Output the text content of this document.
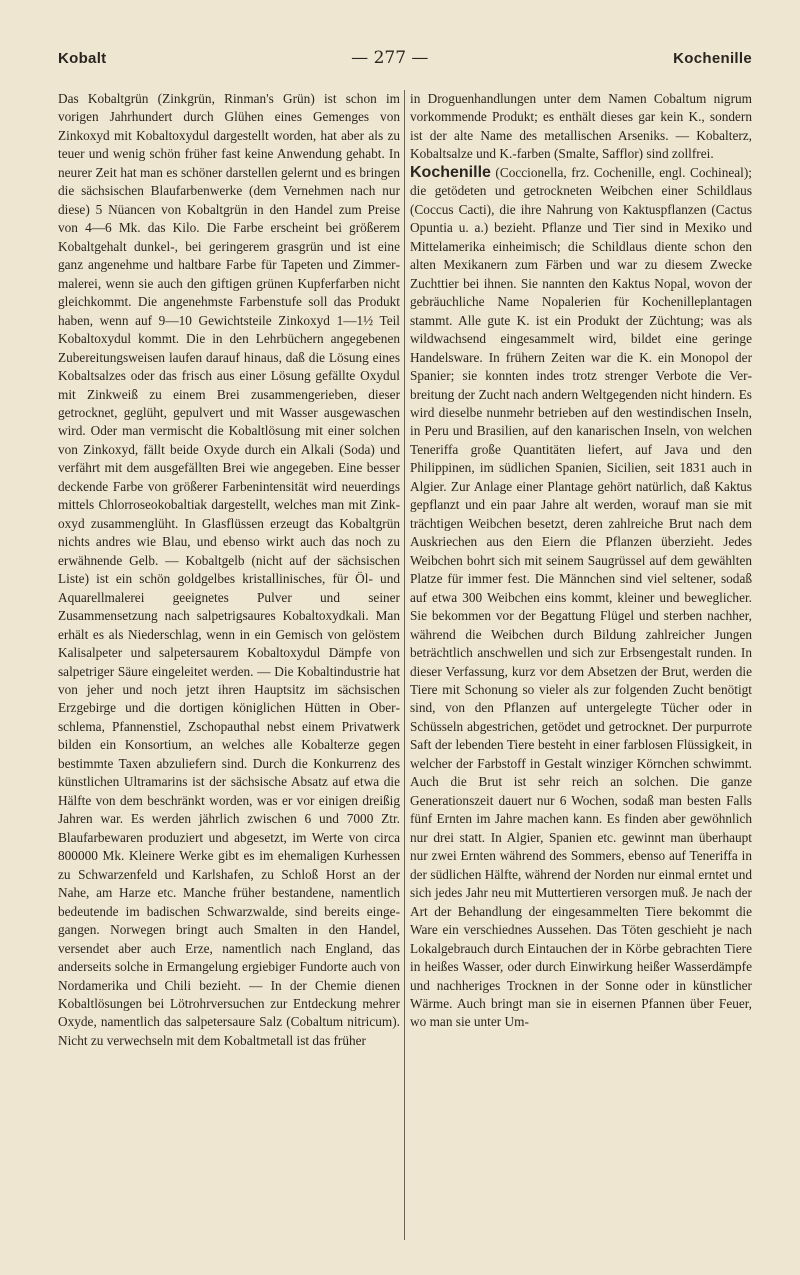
Kobalt	— 277 —	Kochenille

Das Kobaltgrün (Zinkgrün, Rinman's Grün) ist schon im vorigen Jahrhundert durch Glühen eines Gemenges von Zinkoxyd mit Kobaltoxydul dargestellt worden, hat aber als zu teuer und wenig schön früher fast keine Anwendung gehabt. In neurer Zeit hat man es schöner darstellen gelernt und es bringen die sächsischen Blaufarbenwerke (dem Vernehmen nach nur diese) 5 Nüancen von Kobaltgrün in den Handel zum Preise von 4—6 Mk. das Kilo. Die Farbe erscheint bei größerem Kobaltgehalt dunkel-, bei geringerem grasgrün und ist eine ganz angenehme und haltbare Farbe für Tapeten und Zimmermalerei, wenn sie auch den giftigen grünen Kupferfarben nicht gleichkommt. Die angenehmste Farbenstufe soll das Produkt haben, wenn auf 9—10 Gewichtsteile Zinkoxyd 1—1½ Teil Kobaltoxydul kommt. Die in den Lehrbüchern angegebenen Zubereitungsweisen laufen darauf hinaus, daß die Lösung eines Kobaltsalzes oder das frisch aus einer Lösung gefällte Oxydul mit Zinkweiß zu einem Brei zusammengerieben, dieser getrocknet, geglüht, gepulvert und mit Wasser ausgewaschen wird. Oder man vermischt die Kobaltlösung mit einer solchen von Zinkoxyd, fällt beide Oxyde durch ein Alkali (Soda) und verfährt mit dem ausgefällten Brei wie angegeben. Eine besser deckende Farbe von größerer Farbenintensität wird neuerdings mittels Chlorroseokobaltiak dargestellt, welches man mit Zinkoxyd zusammenglüht. In Glasflüssen erzeugt das Kobaltgrün nichts andres wie Blau, und ebenso wirkt auch das noch zu erwähnende Gelb. — Kobaltgelb (nicht auf der sächsischen Liste) ist ein schön goldgelbes kristallinisches, für Öl- und Aquarellmalerei geeignetes Pulver und seiner Zusammensetzung nach salpetrigsaures Kobaltoxydkali. Man erhält es als Niederschlag, wenn in ein Gemisch von gelöstem Kalisalpeter und salpetersaurem Kobaltoxydul Dämpfe von salpetriger Säure eingeleitet werden. — Die Kobaltindustrie hat von jeher und noch jetzt ihren Hauptsitz im sächsischen Erzgebirge und die dortigen königlichen Hütten in Oberschlema, Pfannenstiel, Zschopauthal nebst einem Privatwerk bilden ein Konsortium, an welches alle Kobalterze gegen bestimmte Taxen abzuliefern sind. Durch die Konkurrenz des künstlichen Ultramarins ist der sächsische Absatz auf etwa die Hälfte von dem beschränkt worden, was er vor einigen dreißig Jahren war. Es werden jährlich zwischen 6 und 7000 Ztr. Blaufarbewaren produziert und abgesetzt, im Werte von circa 800000 Mk. Kleinere Werke gibt es im ehemaligen Kurhessen zu Schwarzenfeld und Karlshafen, zu Schloß Horst an der Nahe, am Harze etc. Manche früher bestandene, namentlich bedeutende im badischen Schwarzwalde, sind bereits eingegangen. Norwegen bringt auch Smalten in den Handel, versendet aber auch Erze, namentlich nach England, das anderseits solche in Ermangelung ergiebiger Fundorte auch von Nordamerika und Chili bezieht. — In der Chemie dienen Kobaltlösungen bei Lötrohrversuchen zur Entdeckung mehrer Oxyde, namentlich das salpetersaure Salz (Cobaltum nitricum). Nicht zu verwechseln mit dem Kobaltmetall ist das früher

in Droguenhandlungen unter dem Namen Cobaltum nigrum vorkommende Produkt; es enthält dieses gar kein K., sondern ist der alte Name des metallischen Arseniks. — Kobalterz, Kobaltsalze und K.-farben (Smalte, Safflor) sind zollfrei.

Kochenille (Coccionella, frz. Cochenille, engl. Cochineal); die getödeten und getrockneten Weibchen einer Schildlaus (Coccus Cacti), die ihre Nahrung von Kaktuspflanzen (Cactus Opuntia u. a.) bezieht. Pflanze und Tier sind in Mexiko und Mittelamerika einheimisch; die Schildlaus diente schon den alten Mexikanern zum Färben und war zu diesem Zwecke Zuchttier bei ihnen. Sie nannten den Kaktus Nopal, wovon der gebräuchliche Name Nopalerien für Kochenilleplantagen stammt. Alle gute K. ist ein Produkt der Züchtung; was als wildwachsend eingesammelt wird, bildet eine geringe Handelsware. In frühern Zeiten war die K. ein Monopol der Spanier; sie konnten indes trotz strenger Verbote die Verbreitung der Zucht nach andern Weltgegenden nicht hindern. Es wird dieselbe nunmehr betrieben auf den westindischen Inseln, in Peru und Brasilien, auf den kanarischen Inseln, von welchen Teneriffa große Quantitäten liefert, auf Java und den Philippinen, im südlichen Spanien, Sicilien, seit 1831 auch in Algier. Zur Anlage einer Plantage gehört natürlich, daß Kaktus gepflanzt und ein paar Jahre alt werden, worauf man sie mit trächtigen Weibchen besetzt, deren zahlreiche Brut nach dem Auskriechen aus den Eiern die Pflanzen überzieht. Jedes Weibchen bohrt sich mit seinem Saugrüssel auf dem gewählten Platze für immer fest. Die Männchen sind viel seltener, sodaß auf etwa 300 Weibchen eins kommt, kleiner und beweglicher. Sie bekommen vor der Begattung Flügel und sterben nachher, während die Weibchen durch Bildung zahlreicher Jungen beträchtlich anschwellen und sich zur Erbsengestalt runden. In dieser Verfassung, kurz vor dem Absetzen der Brut, werden die Tiere mit Schonung so vieler als zur folgenden Zucht benötigt sind, von den Pflanzen auf untergelegte Tücher oder in Schüsseln abgestrichen, getödet und getrocknet. Der purpurrote Saft der lebenden Tiere besteht in einer farblosen Flüssigkeit, in welcher der Farbstoff in Gestalt winziger Körnchen schwimmt. Auch die Brut ist sehr reich an solchen. Die ganze Generationszeit dauert nur 6 Wochen, sodaß man besten Falls fünf Ernten im Jahre machen kann. Es finden aber gewöhnlich nur drei statt. In Algier, Spanien etc. gewinnt man überhaupt nur zwei Ernten während des Sommers, ebenso auf Teneriffa in der südlichen Hälfte, während der Norden nur einmal erntet und sich jedes Jahr neu mit Muttertieren versorgen muß. Je nach der Art der Behandlung der eingesammelten Tiere bekommt die Ware ein verschiednes Aussehen. Das Töten geschieht je nach Lokalgebrauch durch Eintauchen der in Körbe gebrachten Tiere in heißes Wasser, oder durch Einwirkung heißer Wasserdämpfe und nachheriges Trocknen in der Sonne oder in künstlicher Wärme. Auch bringt man sie in eisernen Pfannen über Feuer, wo man sie unter Um-
